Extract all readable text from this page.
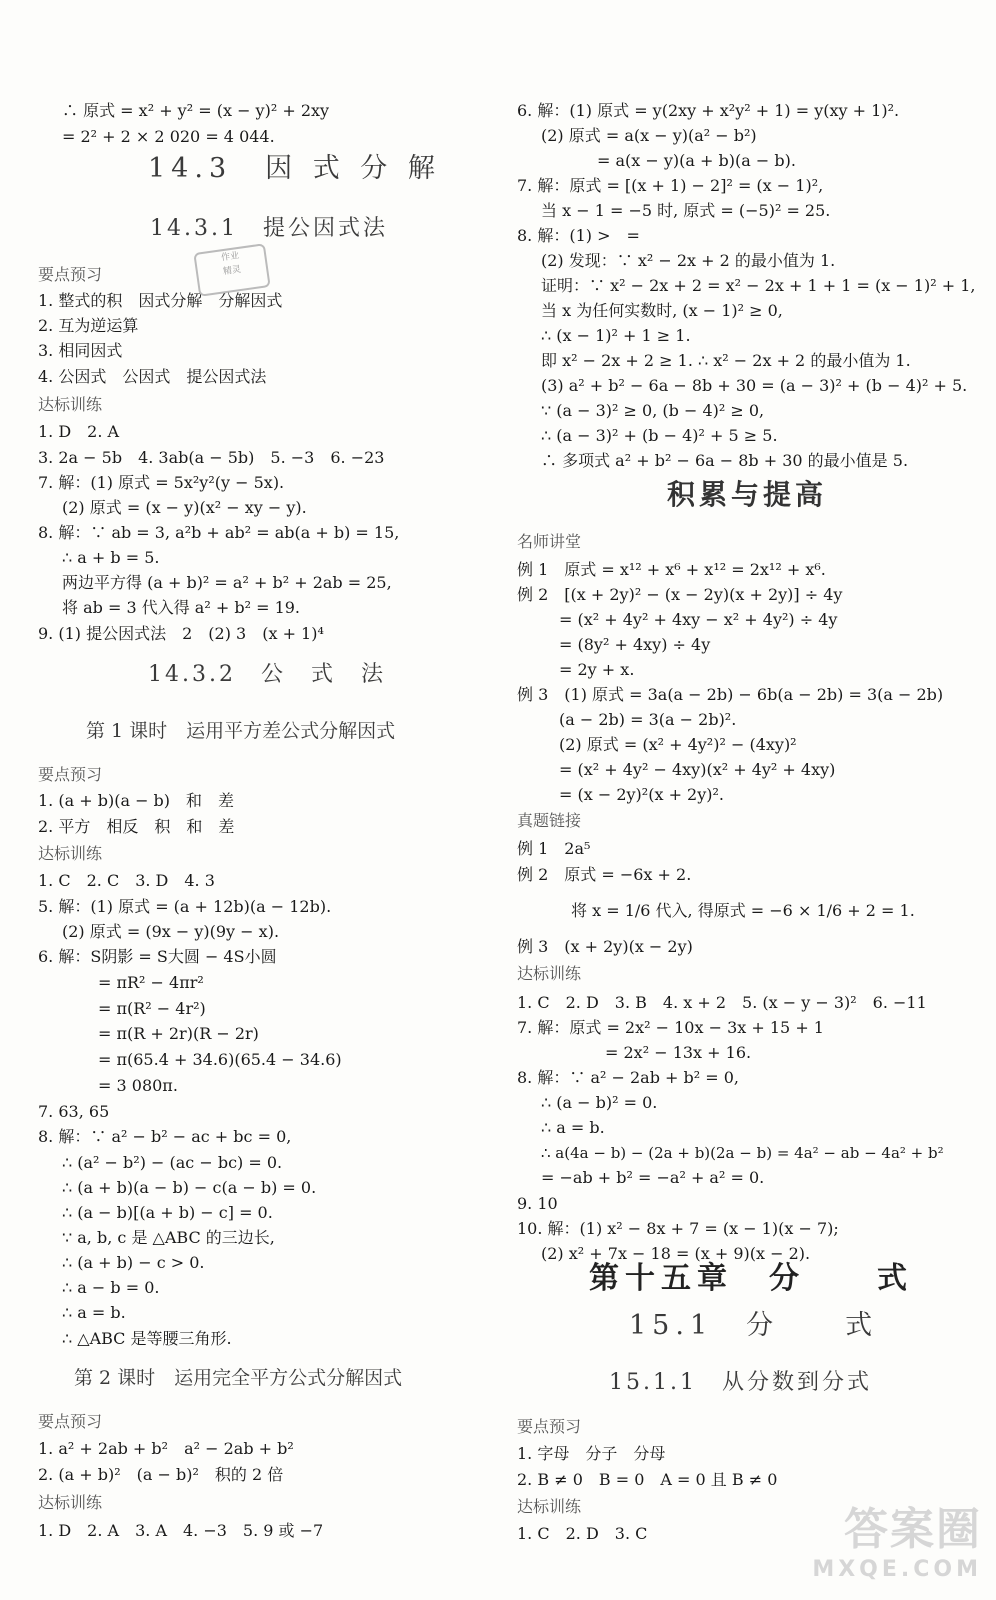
∴ 原式 = x² + y² = (x − y)² + 2xy
= 2² + 2 × 2 020 = 4 044.
14.3　因 式 分 解
14.3.1　提公因式法
要点预习
1. 整式的积　因式分解　分解因式
2. 互为逆运算
3. 相同因式
4. 公因式　公因式　提公因式法
达标训练
1. D　2. A
3. 2a − 5b　4. 3ab(a − 5b)　5. −3　6. −23
7. 解：(1) 原式 = 5x²y²(y − 5x).
(2) 原式 = (x − y)(x² − xy − y).
8. 解：∵ ab = 3, a²b + ab² = ab(a + b) = 15,
∴ a + b = 5.
两边平方得 (a + b)² = a² + b² + 2ab = 25,
将 ab = 3 代入得 a² + b² = 19.
9. (1) 提公因式法　2　(2) 3　(x + 1)⁴
14.3.2　公　式　法
第 1 课时　运用平方差公式分解因式
要点预习
1. (a + b)(a − b)　和　差
2. 平方　相反　积　和　差
达标训练
1. C　2. C　3. D　4. 3
5. 解：(1) 原式 = (a + 12b)(a − 12b).
(2) 原式 = (9x − y)(9y − x).
6. 解：S阴影 = S大圆 − 4S小圆
= πR² − 4πr²
= π(R² − 4r²)
= π(R + 2r)(R − 2r)
= π(65.4 + 34.6)(65.4 − 34.6)
= 3 080π.
7. 63, 65
8. 解：∵ a² − b² − ac + bc = 0,
∴ (a² − b²) − (ac − bc) = 0.
∴ (a + b)(a − b) − c(a − b) = 0.
∴ (a − b)[(a + b) − c] = 0.
∵ a, b, c 是 △ABC 的三边长,
∴ (a + b) − c > 0.
∴ a − b = 0.
∴ a = b.
∴ △ABC 是等腰三角形.
第 2 课时　运用完全平方公式分解因式
要点预习
1. a² + 2ab + b²　a² − 2ab + b²
2. (a + b)²　(a − b)²　积的 2 倍
达标训练
1. D　2. A　3. A　4. −3　5. 9 或 −7
作业
精灵
6. 解：(1) 原式 = y(2xy + x²y² + 1) = y(xy + 1)².
(2) 原式 = a(x − y)(a² − b²)
= a(x − y)(a + b)(a − b).
7. 解：原式 = [(x + 1) − 2]² = (x − 1)²,
当 x − 1 = −5 时, 原式 = (−5)² = 25.
8. 解：(1) >　=
(2) 发现：∵ x² − 2x + 2 的最小值为 1.
证明：∵ x² − 2x + 2 = x² − 2x + 1 + 1 = (x − 1)² + 1,
当 x 为任何实数时, (x − 1)² ≥ 0,
∴ (x − 1)² + 1 ≥ 1.
即 x² − 2x + 2 ≥ 1. ∴ x² − 2x + 2 的最小值为 1.
(3) a² + b² − 6a − 8b + 30 = (a − 3)² + (b − 4)² + 5.
∵ (a − 3)² ≥ 0, (b − 4)² ≥ 0,
∴ (a − 3)² + (b − 4)² + 5 ≥ 5.
∴ 多项式 a² + b² − 6a − 8b + 30 的最小值是 5.
积累与提高
名师讲堂
例 1　原式 = x¹² + x⁶ + x¹² = 2x¹² + x⁶.
例 2　[(x + 2y)² − (x − 2y)(x + 2y)] ÷ 4y
= (x² + 4y² + 4xy − x² + 4y²) ÷ 4y
= (8y² + 4xy) ÷ 4y
= 2y + x.
例 3　(1) 原式 = 3a(a − 2b) − 6b(a − 2b) = 3(a − 2b)
(a − 2b) = 3(a − 2b)².
(2) 原式 = (x² + 4y²)² − (4xy)²
= (x² + 4y² − 4xy)(x² + 4y² + 4xy)
= (x − 2y)²(x + 2y)².
真题链接
例 1　2a⁵
例 2　原式 = −6x + 2.
将 x = 1/6 代入, 得原式 = −6 × 1/6 + 2 = 1.
例 3　(x + 2y)(x − 2y)
达标训练
1. C　2. D　3. B　4. x + 2　5. (x − y − 3)²　6. −11
7. 解：原式 = 2x² − 10x − 3x + 15 + 1
= 2x² − 13x + 16.
8. 解：∵ a² − 2ab + b² = 0,
∴ (a − b)² = 0.
∴ a = b.
∴ a(4a − b) − (2a + b)(2a − b) = 4a² − ab − 4a² + b²
= −ab + b² = −a² + a² = 0.
9. 10
10. 解：(1) x² − 8x + 7 = (x − 1)(x − 7);
(2) x² + 7x − 18 = (x + 9)(x − 2).
第十五章　分　　式
15.1　分　　式
15.1.1　从分数到分式
要点预习
1. 字母　分子　分母
2. B ≠ 0　B = 0　A = 0 且 B ≠ 0
达标训练
1. C　2. D　3. C	答案圈
MXQE.COM
